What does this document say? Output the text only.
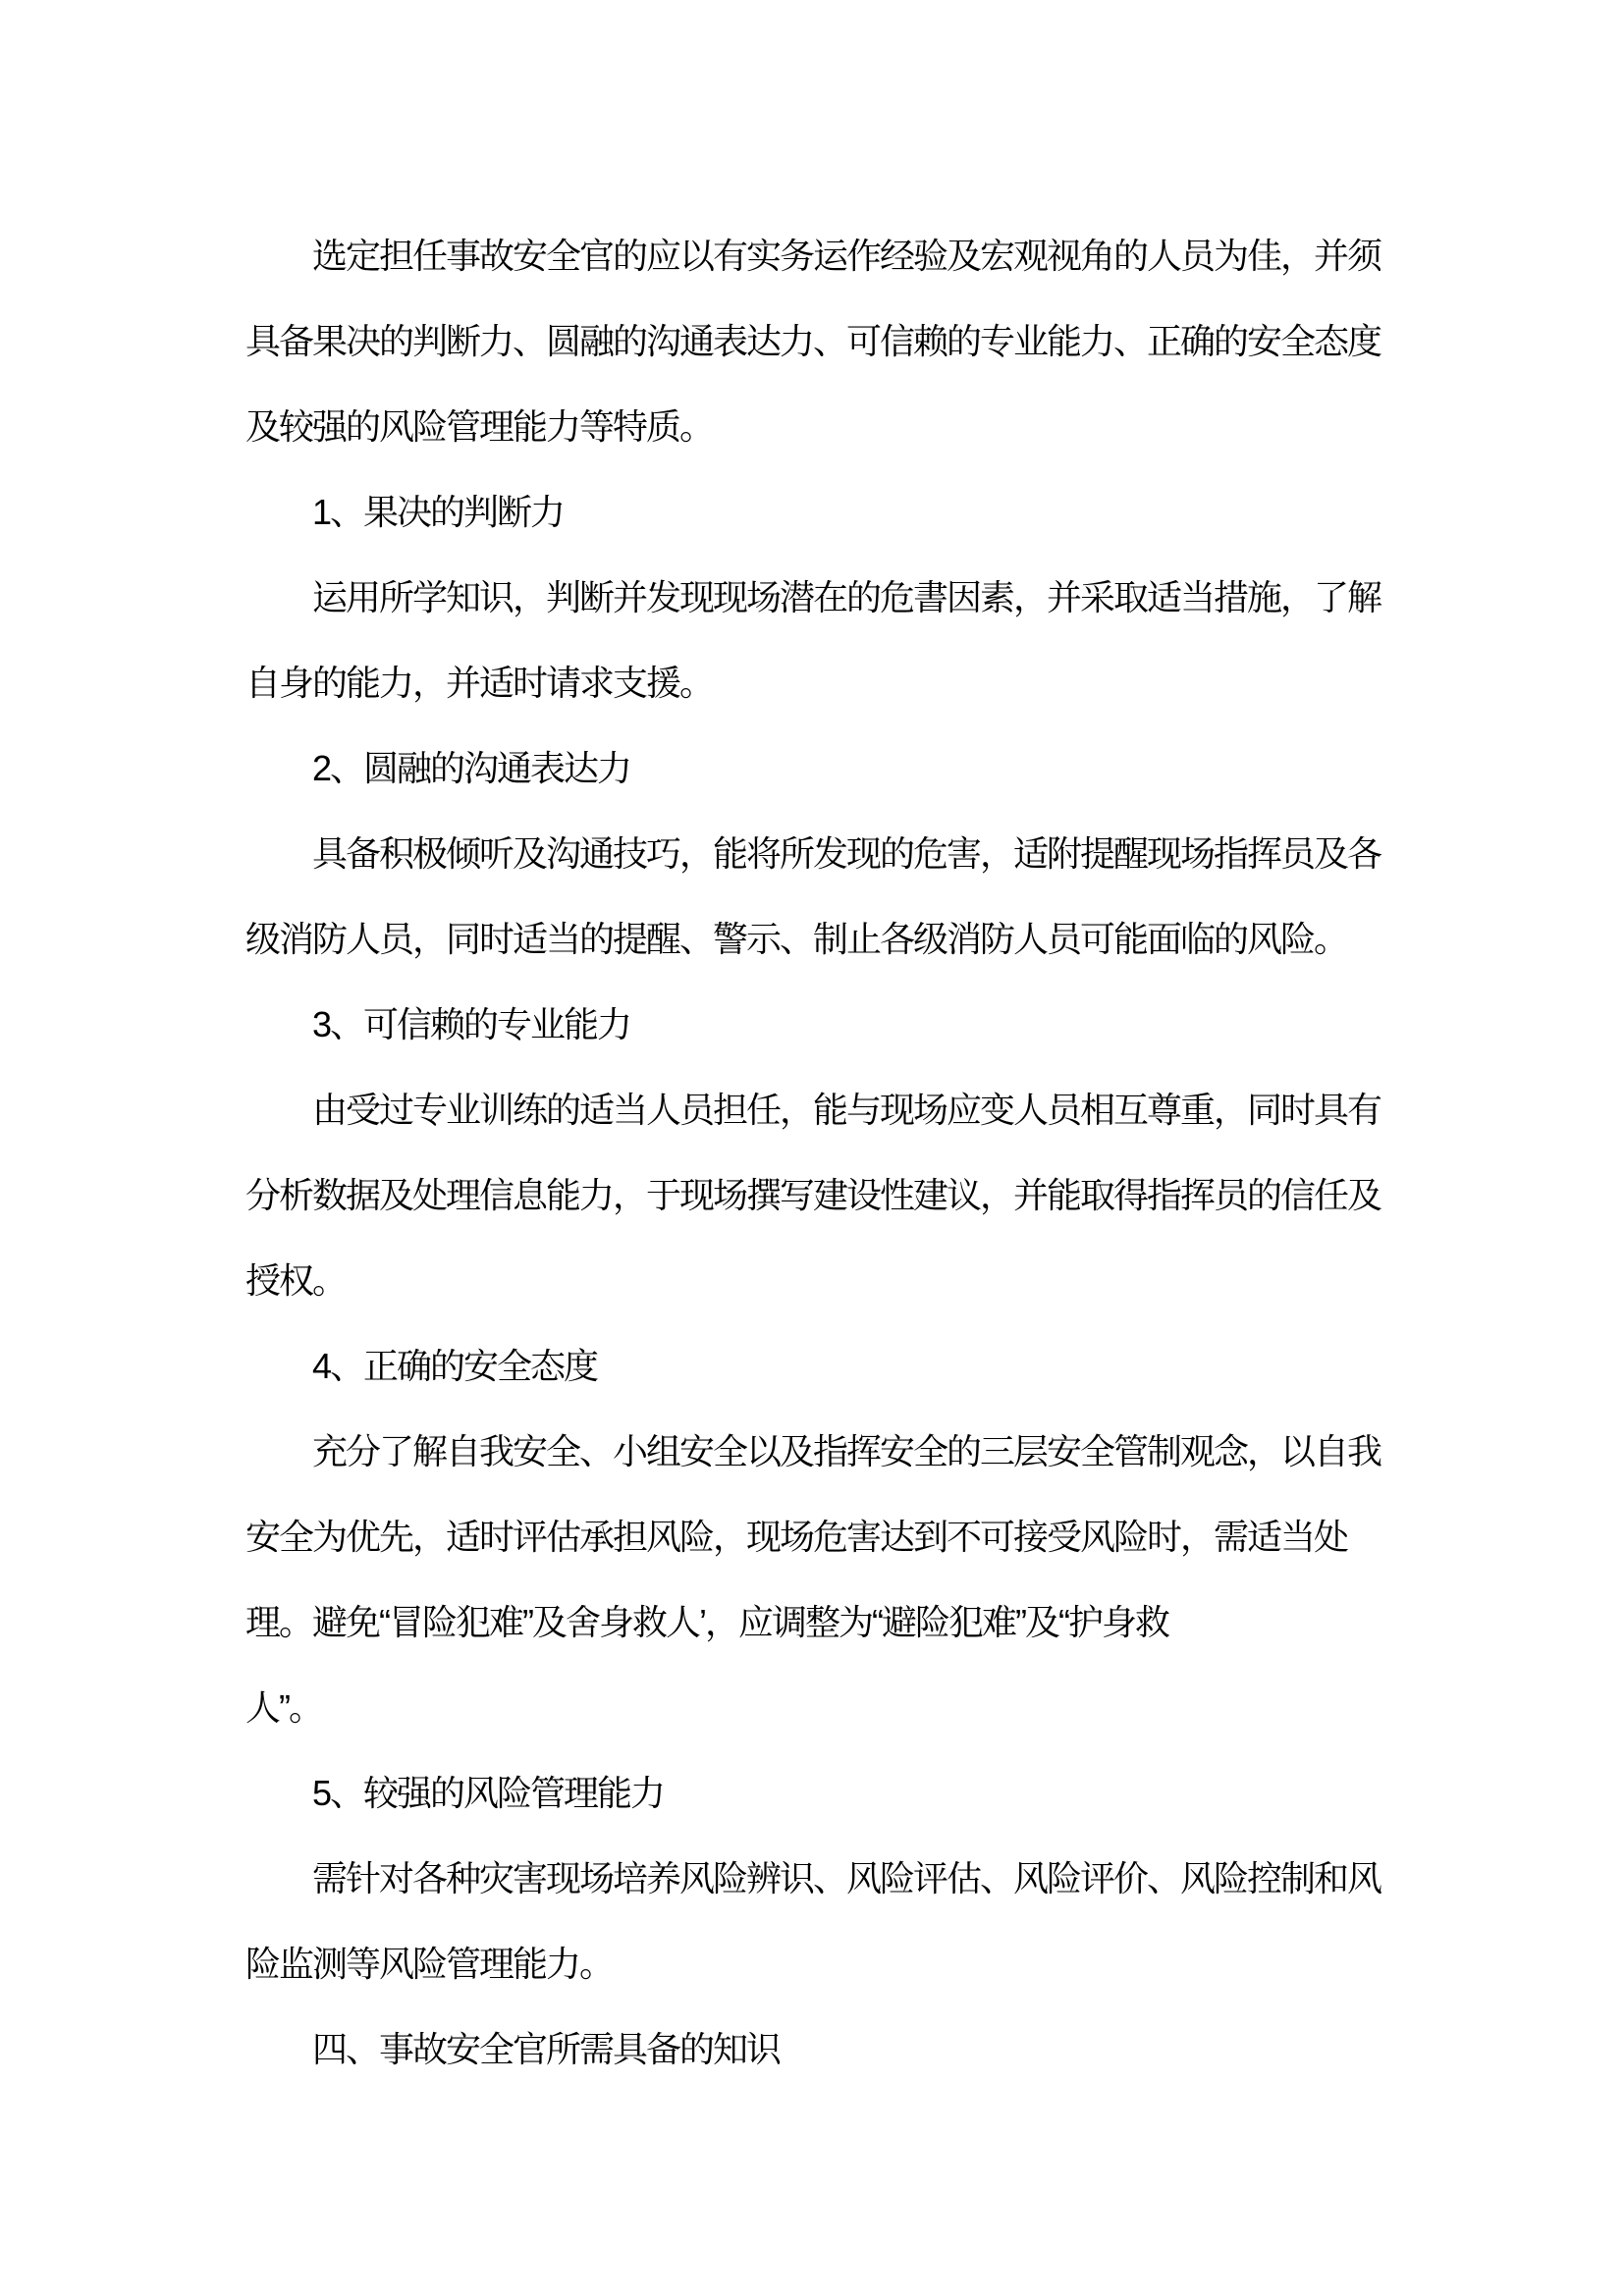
选定担任事故安全官的应以有实务运作经验及宏观视角的人员为佳，并须
具备果决的判断力、圆融的沟通表达力、可信赖的专业能力、正确的安全态度
及较强的风险管理能力等特质。
1、果决的判断力
运用所学知识，判断并发现现场潜在的危書因素，并采取适当措施，了解
自身的能力，并适时请求支援。
2、圆融的沟通表达力
具备积极倾听及沟通技巧，能将所发现的危害，适附提醒现场指挥员及各
级消防人员，同时适当的提醒、警示、制止各级消防人员可能面临的风险。
3、可信赖的专业能力
由受过专业训练的适当人员担任，能与现场应变人员相互尊重，同时具有
分析数据及处理信息能力，于现场撰写建设性建议，并能取得指挥员的信任及
授权。
4、正确的安全态度
充分了解自我安全、小组安全以及指挥安全的三层安全管制观念，以自我
安全为优先，适时评估承担风险，现场危害达到不可接受风险时，需适当处
理。避免“冒险犯难”及舍身救人’，应调整为“避险犯难”及“护身救
人”。
5、较强的风险管理能力
需针对各种灾害现场培养风险辨识、风险评估、风险评价、风险控制和风
险监测等风险管理能力。
四、事故安全官所需具备的知识
